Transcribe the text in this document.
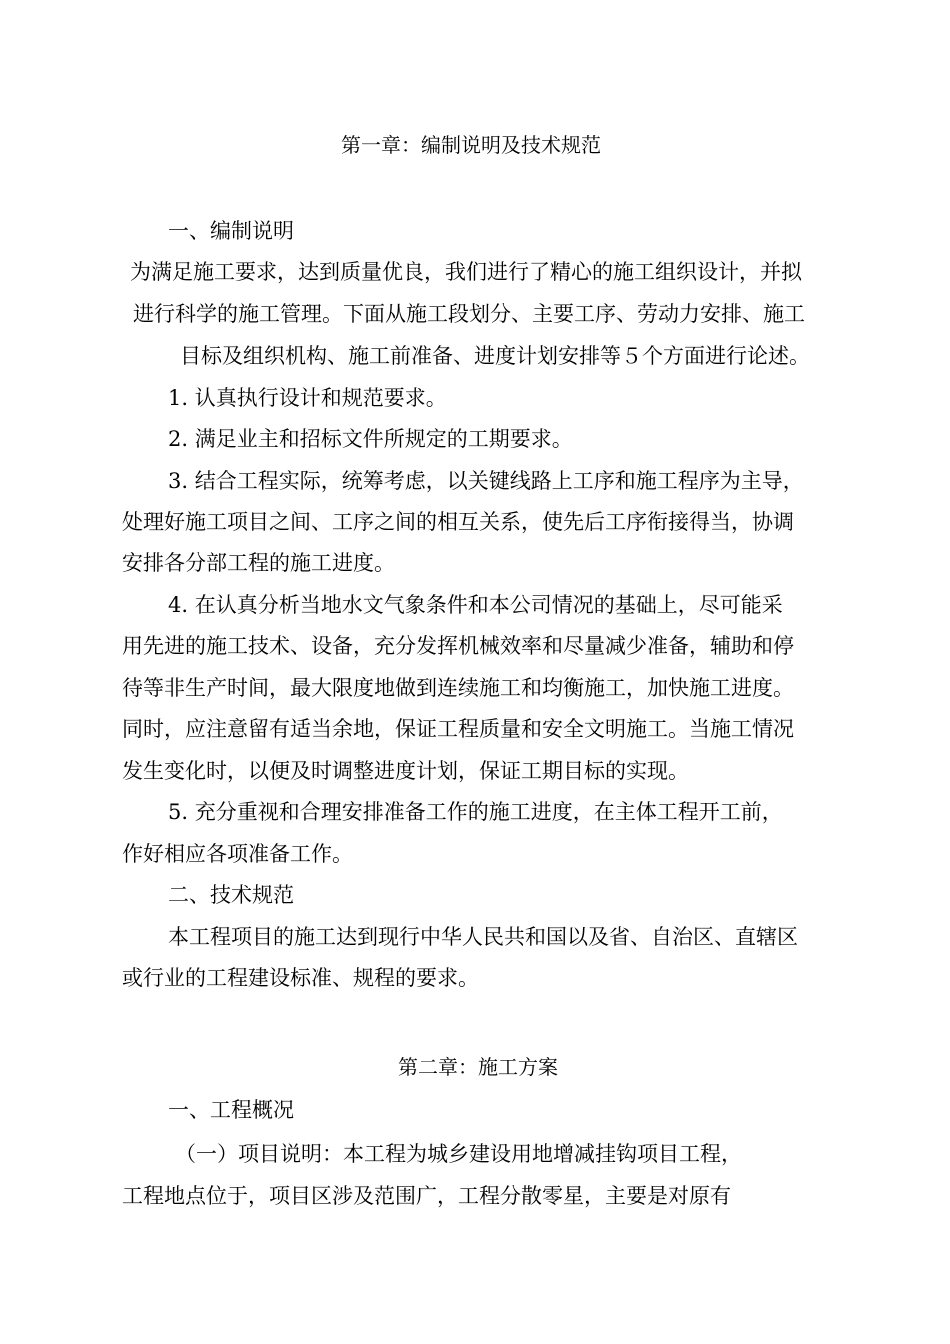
第一章：编制说明及技术规范
一、编制说明
为满足施工要求，达到质量优良，我们进行了精心的施工组织设计，并拟
进行科学的施工管理。下面从施工段划分、主要工序、劳动力安排、施工
目标及组织机构、施工前准备、进度计划安排等５个方面进行论述。
1. 认真执行设计和规范要求。
2. 满足业主和招标文件所规定的工期要求。
3. 结合工程实际，统筹考虑，以关键线路上工序和施工程序为主导，
处理好施工项目之间、工序之间的相互关系，使先后工序衔接得当，协调
安排各分部工程的施工进度。
4. 在认真分析当地水文气象条件和本公司情况的基础上，尽可能采
用先进的施工技术、设备，充分发挥机械效率和尽量减少准备，辅助和停
待等非生产时间，最大限度地做到连续施工和均衡施工，加快施工进度。
同时，应注意留有适当余地，保证工程质量和安全文明施工。当施工情况
发生变化时，以便及时调整进度计划，保证工期目标的实现。
5. 充分重视和合理安排准备工作的施工进度，在主体工程开工前，
作好相应各项准备工作。
二、技术规范
本工程项目的施工达到现行中华人民共和国以及省、自治区、直辖区
或行业的工程建设标准、规程的要求。
第二章：施工方案
一、工程概况
（一）项目说明：本工程为城乡建设用地增减挂钩项目工程，
工程地点位于，项目区涉及范围广，工程分散零星，主要是对原有
